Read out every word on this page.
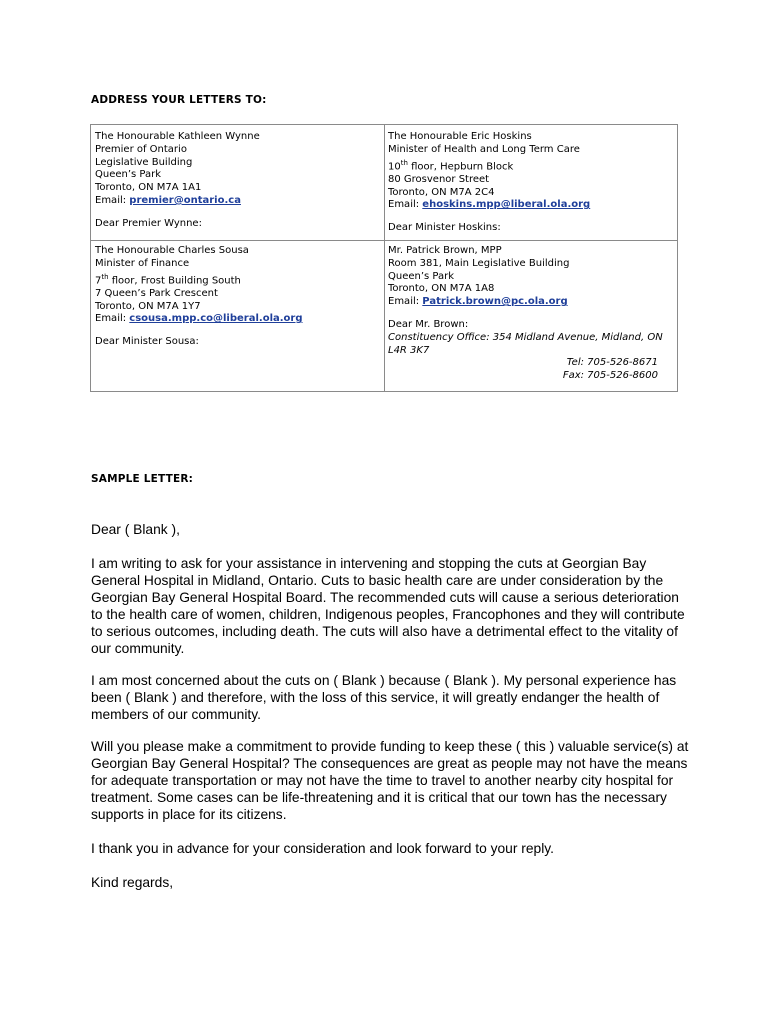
ADDRESS YOUR LETTERS TO:
The Honourable Kathleen Wynne
Premier of Ontario
Legislative Building
Queen’s Park
Toronto, ON M7A 1A1
Email: premier@ontario.ca
Dear Premier Wynne:
The Honourable Eric Hoskins
Minister of Health and Long Term Care
10th floor, Hepburn Block
80 Grosvenor Street
Toronto, ON M7A 2C4
Email: ehoskins.mpp@liberal.ola.org
Dear Minister Hoskins:
The Honourable Charles Sousa
Minister of Finance
7th floor, Frost Building South
7 Queen’s Park Crescent
Toronto, ON M7A 1Y7
Email: csousa.mpp.co@liberal.ola.org
Dear Minister Sousa:
Mr. Patrick Brown, MPP
Room 381, Main Legislative Building
Queen’s Park
Toronto, ON M7A 1A8
Email: Patrick.brown@pc.ola.org
Dear Mr. Brown:
Constituency Office: 354 Midland Avenue, Midland, ON
L4R 3K7
Tel: 705-526-8671
Fax: 705-526-8600
SAMPLE LETTER:

Dear ( Blank ),

I am writing to ask for your assistance in intervening and stopping the cuts at Georgian Bay General Hospital in Midland, Ontario. Cuts to basic health care are under consideration by the Georgian Bay General Hospital Board. The recommended cuts will cause a serious deterioration to the health care of women, children, Indigenous peoples, Francophones and they will contribute to serious outcomes, including death. The cuts will also have a detrimental effect to the vitality of our community.

I am most concerned about the cuts on ( Blank ) because ( Blank ). My personal experience has been ( Blank ) and therefore, with the loss of this service, it will greatly endanger the health of members of our community.

Will you please make a commitment to provide funding to keep these ( this ) valuable service(s) at Georgian Bay General Hospital? The consequences are great as people may not have the means for adequate transportation or may not have the time to travel to another nearby city hospital for treatment. Some cases can be life-threatening and it is critical that our town has the necessary supports in place for its citizens.

I thank you in advance for your consideration and look forward to your reply.

Kind regards,
